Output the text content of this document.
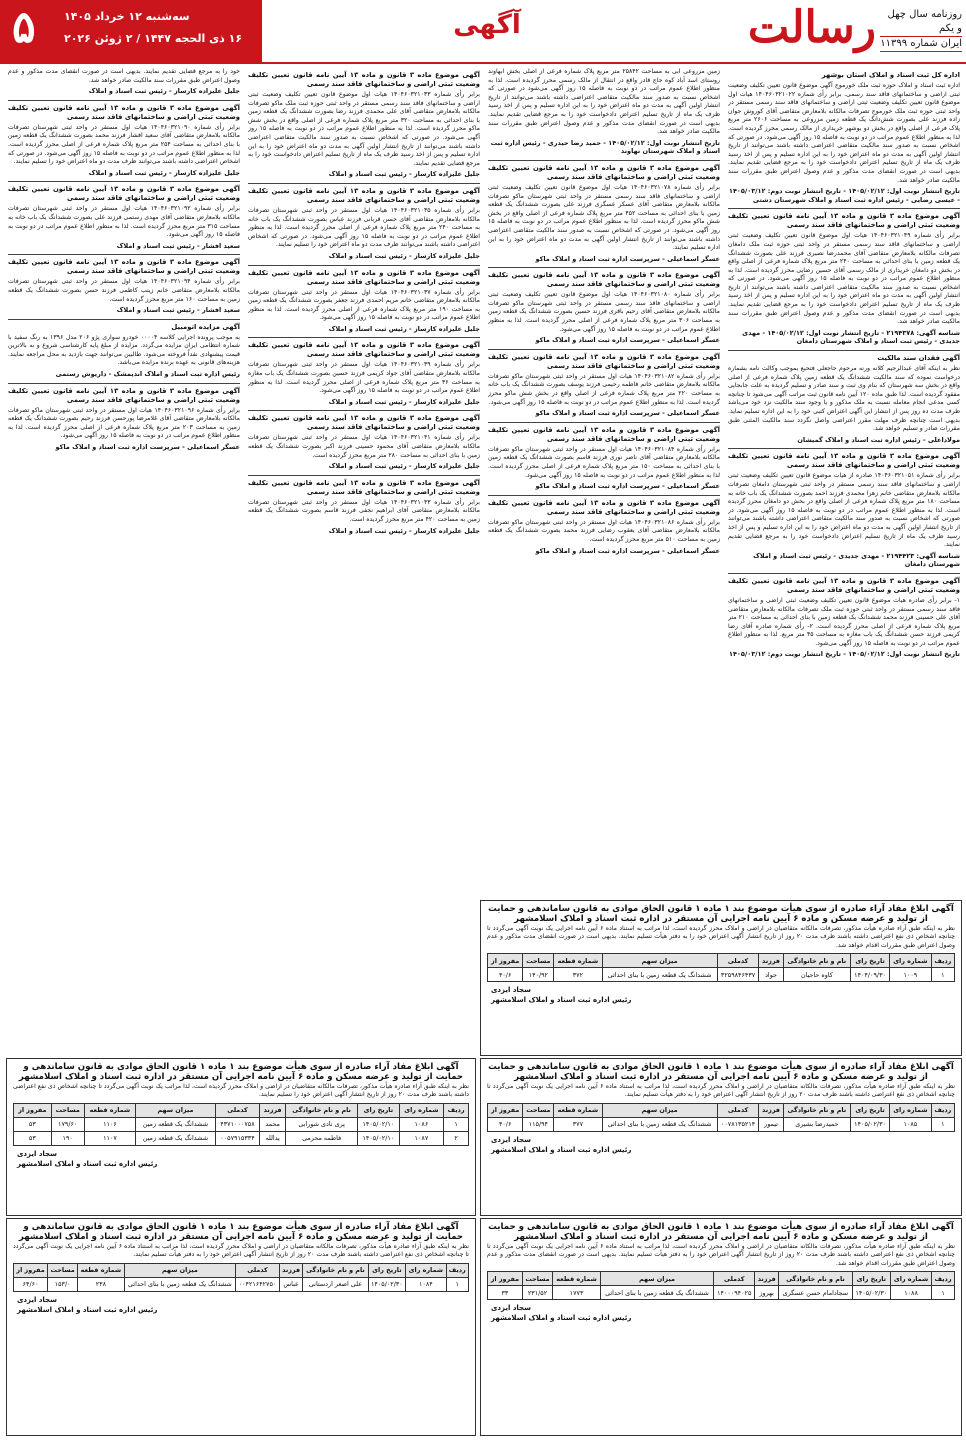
۵	سه‌شنبه ۱۲ خرداد ۱۴۰۵
۱۶ ذی الحجه ۱۴۴۷ / ۲ ژوئن ۲۰۲۶	آگهی	رسالت	روزنامه سال چهل و یکم
ایران شماره ۱۱۳۹۹

اداره کل ثبت اسناد و املاک استان بوشهر

اداره ثبت اسناد و املاک حوزه ثبت ملک خورموج آگهی موضوع قانون تعیین تکلیف وضعیت ثبتی اراضی و ساختمانهای فاقد سند رسمی. برابر رأی شماره ۱۴۰۴۶۰۳۲۱۰۲۲ هیات اول موضوع قانون تعیین تکلیف وضعیت ثبتی اراضی و ساختمانهای فاقد سند رسمی مستقر در واحد ثبتی حوزه ثبت ملک خورموج تصرفات مالکانه بلامعارض متقاضی آقای کوروش جوان زاده فرزند علی بصورت شش‌دانگ یک قطعه زمین مزروعی به مساحت ۲۶۰۶ متر مربع پلاک فرعی از اصلی واقع در بخش دو بوشهر خریداری از مالک رسمی محرز گردیده است. لذا به منظور اطلاع عموم مراتب در دو نوبت به فاصله ۱۵ روز آگهی می‌شود. در صورتی که اشخاص نسبت به صدور سند مالکیت متقاضی اعتراضی داشته باشند می‌توانند از تاریخ انتشار اولین آگهی به مدت دو ماه اعتراض خود را به این اداره تسلیم و پس از اخذ رسید ظرف یک ماه از تاریخ تسلیم اعتراض دادخواست خود را به مرجع قضایی تقدیم نمایند. بدیهی است در صورت انقضای مدت مذکور و عدم وصول اعتراض طبق مقررات سند مالکیت صادر خواهد شد.

تاریخ انتشار نوبت اول: ۱۴۰۵/۰۲/۱۲ - تاریخ انتشار نوبت دوم: ۱۴۰۵/۰۳/۱۲ - عیسی رضایی - رئیس اداره ثبت اسناد و املاک شهرستان دشتی

آگهی موضوع ماده ۳ قانون و ماده ۱۳ آیین نامه قانون تعیین تکلیف وضعیت ثبتی اراضی و ساختمانهای فاقد سند رسمی

برابر رأی شماره ۱۴۰۴۶۰۳۲۱۰۴۹ هیات اول موضوع قانون تعیین تکلیف وضعیت ثبتی اراضی و ساختمانهای فاقد سند رسمی مستقر در واحد ثبتی حوزه ثبت ملک دامغان تصرفات مالکانه بلامعارض متقاضی آقای محمدرضا نصیری فرزند علی بصورت ششدانگ یک قطعه زمین با بنای احداثی به مساحت ۲۴۰ متر مربع پلاک شماره فرعی از اصلی واقع در بخش دو دامغان خریداری از مالک رسمی آقای حسین رضایی محرز گردیده است. لذا به منظور اطلاع عموم مراتب در دو نوبت به فاصله ۱۵ روز آگهی می‌شود. در صورتی که اشخاص نسبت به صدور سند مالکیت متقاضی اعتراضی داشته باشند می‌توانند از تاریخ انتشار اولین آگهی به مدت دو ماه اعتراض خود را به این اداره تسلیم و پس از اخذ رسید ظرف یک ماه از تاریخ تسلیم اعتراض دادخواست خود را به مرجع قضایی تقدیم نمایند. بدیهی است در صورت انقضای مدت مذکور و عدم وصول اعتراض طبق مقررات سند مالکیت صادر خواهد شد.

شناسه آگهی: ۲۱۹۴۳۷۸ - تاریخ انتشار نوبت اول: ۱۴۰۵/۰۲/۱۲ - مهدی جدیدی - رئیس ثبت اسناد و املاک شهرستان دامغان

آگهی فقدان سند مالکیت

نظر به اینکه آقای عبدالرحیم کلانه ورنه مرحوم حاجعلی فتحیع بموجب وکالت نامه بشماره درخواست نموده که سند مالکیت ششدانگ یک قطعه زمین پلاک شماره فرعی از اصلی واقع در بخش سه شهرستان که بنام وی ثبت و سند صادر و تسلیم گردیده به علت جابجایی مفقود گردیده است. لذا طبق ماده ۱۲۰ آیین نامه قانون ثبت مراتب آگهی می‌شود تا چنانچه کسی مدعی انجام معامله نسبت به ملک مذکور و یا وجود سند مالکیت نزد خود می‌باشد ظرف مدت ده روز پس از انتشار این آگهی اعتراض کتبی خود را به این اداره تسلیم نماید. بدیهی است چنانچه ظرف مهلت مقرر اعتراضی واصل نگردد سند مالکیت المثنی طبق مقررات صادر و تسلیم خواهد شد.

مولاداعلی - رئیس اداره ثبت اسناد و املاک گمیشان

آگهی موضوع ماده ۳ قانون و ماده ۱۳ آیین نامه قانون تعیین تکلیف وضعیت ثبتی اراضی و ساختمانهای فاقد سند رسمی

برابر رأی شماره ۱۴۰۴۶۰۳۲۱۰۵۱ صادره از هیات موضوع قانون تعیین تکلیف وضعیت ثبتی اراضی و ساختمانهای فاقد سند رسمی مستقر در واحد ثبتی شهرستان دامغان تصرفات مالکانه بلامعارض متقاضی خانم زهرا محمدی فرزند احمد بصورت ششدانگ یک باب خانه به مساحت ۱۸۰ متر مربع پلاک شماره فرعی از اصلی واقع در بخش دو دامغان محرز گردیده است. لذا به منظور اطلاع عموم مراتب در دو نوبت به فاصله ۱۵ روز آگهی می‌شود. در صورتی که اشخاص نسبت به صدور سند مالکیت متقاضی اعتراضی داشته باشند می‌توانند از تاریخ انتشار اولین آگهی به مدت دو ماه اعتراض خود را به این اداره تسلیم و پس از اخذ رسید ظرف یک ماه از تاریخ تسلیم اعتراض دادخواست خود را به مرجع قضایی تقدیم نمایند.

شناسه آگهی: ۲۱۹۴۴۲۳ - مهدی جدیدی - رئیس ثبت اسناد و املاک شهرستان دامغان

آگهی موضوع ماده ۳ قانون و ماده ۱۳ آیین نامه قانون تعیین تکلیف وضعیت ثبتی اراضی و ساختمانهای فاقد سند رسمی

۱- برابر رأی صادره هیات موضوع قانون تعیین تکلیف وضعیت ثبتی اراضی و ساختمانهای فاقد سند رسمی مستقر در واحد ثبتی حوزه ثبت ملک تصرفات مالکانه بلامعارض متقاضی آقای علی حسینی فرزند محمد ششدانگ یک قطعه زمین با بنای احداثی به مساحت ۲۱۰ متر مربع پلاک شماره فرعی از اصلی محرز گردیده است. ۲- رأی شماره صادره آقای رضا کریمی فرزند حسن ششدانگ یک باب مغازه به مساحت ۴۵ متر مربع. لذا به منظور اطلاع عموم مراتب در دو نوبت به فاصله ۱۵ روز آگهی می‌شود.

تاریخ انتشار نوبت اول: ۱۴۰۵/۰۲/۱۲ - تاریخ انتشار نوبت دوم: ۱۴۰۵/۰۳/۱۲

زمین مزروعی آبی به مساحت ۲۵۸۴۲ متر مربع پلاک شماره فرعی از اصلی بخش آبهاوند روستای اسد آباد کوه حاج قادر واقع در انتقال از مالک رسمی محرز گردیده است. لذا به منظور اطلاع عموم مراتب در دو نوبت به فاصله ۱۵ روز آگهی می‌شود در صورتی که اشخاص نسبت به صدور سند مالکیت متقاضی اعتراضی داشته باشند می‌توانند از تاریخ انتشار اولین آگهی به مدت دو ماه اعتراض خود را به این اداره تسلیم و پس از اخذ رسید ظرف یک ماه از تاریخ تسلیم اعتراض دادخواست خود را به مرجع قضایی تقدیم نمایند. بدیهی است در صورت انقضای مدت مذکور و عدم وصول اعتراض طبق مقررات سند مالکیت صادر خواهد شد.

تاریخ انتشار نوبت اول: ۱۴۰۵/۰۲/۱۲ - حمید رضا حیدری - رئیس اداره ثبت اسناد و املاک شهرستان نهاوند

آگهی موضوع ماده ۳ قانون و ماده ۱۳ آیین نامه قانون تعیین تکلیف وضعیت ثبتی اراضی و ساختمانهای فاقد سند رسمی

برابر رأی شماره ۱۴۰۴۶۰۳۲۱۰۷۸ هیات اول موضوع قانون تعیین تکلیف وضعیت ثبتی اراضی و ساختمانهای فاقد سند رسمی مستقر در واحد ثبتی شهرستان ماکو تصرفات مالکانه بلامعارض متقاضی آقای عسکر عسگری فرزند علی بصورت ششدانگ یک قطعه زمین با بنای احداثی به مساحت ۴۵۲ متر مربع پلاک شماره فرعی از اصلی واقع در بخش شش ماکو محرز گردیده است. لذا به منظور اطلاع عموم مراتب در دو نوبت به فاصله ۱۵ روز آگهی می‌شود. در صورتی که اشخاص نسبت به صدور سند مالکیت متقاضی اعتراضی داشته باشند می‌توانند از تاریخ انتشار اولین آگهی به مدت دو ماه اعتراض خود را به این اداره تسلیم نمایند.

عسگر اسماعیلی - سرپرست اداره ثبت اسناد و املاک ماکو

آگهی موضوع ماده ۳ قانون و ماده ۱۳ آیین نامه قانون تعیین تکلیف وضعیت ثبتی اراضی و ساختمانهای فاقد سند رسمی

برابر رأی شماره ۱۴۰۴۶۰۳۲۱۰۸۰ هیات اول موضوع قانون تعیین تکلیف وضعیت ثبتی اراضی و ساختمانهای فاقد سند رسمی مستقر در واحد ثبتی شهرستان ماکو تصرفات مالکانه بلامعارض متقاضی آقای رحیم باقری فرزند حسین بصورت ششدانگ یک قطعه زمین به مساحت ۳۰۶ متر مربع پلاک شماره فرعی از اصلی محرز گردیده است. لذا به منظور اطلاع عموم مراتب در دو نوبت به فاصله ۱۵ روز آگهی می‌شود.

عسگر اسماعیلی - سرپرست اداره ثبت اسناد و املاک ماکو

آگهی موضوع ماده ۳ قانون و ماده ۱۳ آیین نامه قانون تعیین تکلیف وضعیت ثبتی اراضی و ساختمانهای فاقد سند رسمی

برابر رأی شماره ۱۴۰۴۶۰۳۲۱۰۸۲ هیات اول مستقر در واحد ثبتی شهرستان ماکو تصرفات مالکانه بلامعارض متقاضی خانم فاطمه رحیمی فرزند یوسف بصورت ششدانگ یک باب خانه به مساحت ۲۲۰ متر مربع پلاک شماره فرعی از اصلی واقع در بخش شش ماکو محرز گردیده است. لذا به منظور اطلاع عموم مراتب در دو نوبت به فاصله ۱۵ روز آگهی می‌شود.

عسگر اسماعیلی - سرپرست اداره ثبت اسناد و املاک ماکو

آگهی موضوع ماده ۳ قانون و ماده ۱۳ آیین نامه قانون تعیین تکلیف وضعیت ثبتی اراضی و ساختمانهای فاقد سند رسمی

برابر رأی شماره ۱۴۰۴۶۰۳۲۱۰۸۴ هیات اول مستقر در واحد ثبتی شهرستان ماکو تصرفات مالکانه بلامعارض متقاضی آقای ناصر نوری فرزند قاسم بصورت ششدانگ یک قطعه زمین با بنای احداثی به مساحت ۱۵۰ متر مربع پلاک شماره فرعی از اصلی محرز گردیده است. لذا به منظور اطلاع عموم مراتب در دو نوبت به فاصله ۱۵ روز آگهی می‌شود.

عسگر اسماعیلی - سرپرست اداره ثبت اسناد و املاک ماکو

آگهی موضوع ماده ۳ قانون و ماده ۱۳ آیین نامه قانون تعیین تکلیف وضعیت ثبتی اراضی و ساختمانهای فاقد سند رسمی

برابر رأی شماره ۱۴۰۴۶۰۳۲۱۰۸۶ هیات اول مستقر در واحد ثبتی شهرستان ماکو تصرفات مالکانه بلامعارض متقاضی آقای یعقوب رضایی فرزند محمد بصورت ششدانگ یک قطعه زمین به مساحت ۵۱۰ متر مربع محرز گردیده است.

عسگر اسماعیلی - سرپرست اداره ثبت اسناد و املاک ماکو

آگهی موضوع ماده ۳ قانون و ماده ۱۳ آیین نامه قانون تعیین تکلیف وضعیت ثبتی اراضی و ساختمانهای فاقد سند رسمی

برابر رأی شماره ۱۴۰۴۶۰۳۲۱۰۳۳ هیات اول موضوع قانون تعیین تکلیف وضعیت ثبتی اراضی و ساختمانهای فاقد سند رسمی مستقر در واحد ثبتی حوزه ثبت ملک ماکو تصرفات مالکانه بلامعارض متقاضی آقای علی محمدی فرزند رضا بصورت ششدانگ یک قطعه زمین با بنای احداثی به مساحت ۳۲۰ متر مربع پلاک شماره فرعی از اصلی واقع در بخش شش ماکو محرز گردیده است. لذا به منظور اطلاع عموم مراتب در دو نوبت به فاصله ۱۵ روز آگهی می‌شود. در صورتی که اشخاص نسبت به صدور سند مالکیت متقاضی اعتراضی داشته باشند می‌توانند از تاریخ انتشار اولین آگهی به مدت دو ماه اعتراض خود را به این اداره تسلیم و پس از اخذ رسید ظرف یک ماه از تاریخ تسلیم اعتراض دادخواست خود را به مرجع قضایی تقدیم نمایند.

جلیل علیزاده کارساز - رئیس ثبت اسناد و املاک

آگهی موضوع ماده ۳ قانون و ماده ۱۳ آیین نامه قانون تعیین تکلیف وضعیت ثبتی اراضی و ساختمانهای فاقد سند رسمی

برابر رأی شماره ۱۴۰۴۶۰۳۲۱۰۳۵ هیات اول مستقر در واحد ثبتی شهرستان تصرفات مالکانه بلامعارض متقاضی آقای حسن قربانی فرزند عباس بصورت ششدانگ یک باب خانه به مساحت ۲۴۰ متر مربع پلاک شماره فرعی از اصلی محرز گردیده است. لذا به منظور اطلاع عموم مراتب در دو نوبت به فاصله ۱۵ روز آگهی می‌شود. در صورتی که اشخاص اعتراضی داشته باشند می‌توانند ظرف مدت دو ماه اعتراض خود را تسلیم نمایند.

جلیل علیزاده کارساز - رئیس ثبت اسناد و املاک

آگهی موضوع ماده ۳ قانون و ماده ۱۳ آیین نامه قانون تعیین تکلیف وضعیت ثبتی اراضی و ساختمانهای فاقد سند رسمی

برابر رأی شماره ۱۴۰۴۶۰۳۲۱۰۳۷ هیات اول مستقر در واحد ثبتی شهرستان تصرفات مالکانه بلامعارض متقاضی خانم مریم احمدی فرزند جعفر بصورت ششدانگ یک قطعه زمین به مساحت ۱۹۰ متر مربع پلاک شماره فرعی از اصلی محرز گردیده است. لذا به منظور اطلاع عموم مراتب در دو نوبت به فاصله ۱۵ روز آگهی می‌شود.

جلیل علیزاده کارساز - رئیس ثبت اسناد و املاک

آگهی موضوع ماده ۳ قانون و ماده ۱۳ آیین نامه قانون تعیین تکلیف وضعیت ثبتی اراضی و ساختمانهای فاقد سند رسمی

برابر رأی شماره ۱۴۰۴۶۰۳۲۱۰۳۹ هیات اول مستقر در واحد ثبتی شهرستان تصرفات مالکانه بلامعارض متقاضی آقای جواد کریمی فرزند حسین بصورت ششدانگ یک باب مغازه به مساحت ۳۶ متر مربع پلاک شماره فرعی از اصلی محرز گردیده است. لذا به منظور اطلاع عموم مراتب در دو نوبت به فاصله ۱۵ روز آگهی می‌شود.

جلیل علیزاده کارساز - رئیس ثبت اسناد و املاک

آگهی موضوع ماده ۳ قانون و ماده ۱۳ آیین نامه قانون تعیین تکلیف وضعیت ثبتی اراضی و ساختمانهای فاقد سند رسمی

برابر رأی شماره ۱۴۰۴۶۰۳۲۱۰۴۱ هیات اول مستقر در واحد ثبتی شهرستان تصرفات مالکانه بلامعارض متقاضی آقای محمود حسینی فرزند اکبر بصورت ششدانگ یک قطعه زمین با بنای احداثی به مساحت ۲۸۰ متر مربع محرز گردیده است.

جلیل علیزاده کارساز - رئیس ثبت اسناد و املاک

آگهی موضوع ماده ۳ قانون و ماده ۱۳ آیین نامه قانون تعیین تکلیف وضعیت ثبتی اراضی و ساختمانهای فاقد سند رسمی

برابر رأی شماره ۱۴۰۴۶۰۳۲۱۰۴۳ هیات اول مستقر در واحد ثبتی شهرستان تصرفات مالکانه بلامعارض متقاضی آقای ابراهیم نجفی فرزند قاسم بصورت ششدانگ یک قطعه زمین به مساحت ۴۲۰ متر مربع محرز گردیده است.

جلیل علیزاده کارساز - رئیس ثبت اسناد و املاک

خود را به مرجع قضایی تقدیم نمایند. بدیهی است در صورت انقضای مدت مذکور و عدم وصول اعتراض طبق مقررات سند مالکیت صادر خواهد شد.

جلیل علیزاده کارساز - رئیس ثبت اسناد و املاک

آگهی موضوع ماده ۳ قانون و ماده ۱۳ آیین نامه قانون تعیین تکلیف وضعیت ثبتی اراضی و ساختمانهای فاقد سند رسمی

برابر رأی شماره ۱۴۰۴۶۰۳۲۱۰۹۰ هیات اول مستقر در واحد ثبتی شهرستان تصرفات مالکانه بلامعارض متقاضی آقای سعید افشار فرزند محمد بصورت ششدانگ یک قطعه زمین با بنای احداثی به مساحت ۲۵۴ متر مربع پلاک شماره فرعی از اصلی محرز گردیده است. لذا به منظور اطلاع عموم مراتب در دو نوبت به فاصله ۱۵ روز آگهی می‌شود. در صورتی که اشخاص اعتراضی داشته باشند می‌توانند ظرف مدت دو ماه اعتراض خود را تسلیم نمایند.

جلیل علیزاده کارساز - رئیس ثبت اسناد و املاک

آگهی موضوع ماده ۳ قانون و ماده ۱۳ آیین نامه قانون تعیین تکلیف وضعیت ثبتی اراضی و ساختمانهای فاقد سند رسمی

برابر رأی شماره ۱۴۰۴۶۰۳۲۱۰۹۲ هیات اول مستقر در واحد ثبتی شهرستان تصرفات مالکانه بلامعارض متقاضی آقای مهدی رستمی فرزند علی بصورت ششدانگ یک باب خانه به مساحت ۳۱۵ متر مربع محرز گردیده است. لذا به منظور اطلاع عموم مراتب در دو نوبت به فاصله ۱۵ روز آگهی می‌شود.

سعید افشار - رئیس ثبت اسناد و املاک

آگهی موضوع ماده ۳ قانون و ماده ۱۳ آیین نامه قانون تعیین تکلیف وضعیت ثبتی اراضی و ساختمانهای فاقد سند رسمی

برابر رأی شماره ۱۴۰۴۶۰۳۲۱۰۹۴ هیات اول مستقر در واحد ثبتی شهرستان تصرفات مالکانه بلامعارض متقاضی خانم زینب کاظمی فرزند حسن بصورت ششدانگ یک قطعه زمین به مساحت ۱۶۰ متر مربع محرز گردیده است.

سعید افشار - رئیس ثبت اسناد و املاک

آگهی مزایده اتومبیل

به موجب پرونده اجرایی کلاسه ۰۰۰۰۴ خودرو سواری پژو ۲۰۶ مدل ۱۳۹۶ به رنگ سفید با شماره انتظامی ایران مزایده می‌گردد. مزایده از مبلغ پایه کارشناسی شروع و به بالاترین قیمت پیشنهادی نقداً فروخته می‌شود. طالبین می‌توانند جهت بازدید به محل مراجعه نمایند. هزینه‌های قانونی به عهده برنده مزایده می‌باشد.

رئیس اداره ثبت اسناد و املاک اندیمشک - داریوش رستمی

آگهی موضوع ماده ۳ قانون و ماده ۱۳ آیین نامه قانون تعیین تکلیف وضعیت ثبتی اراضی و ساختمانهای فاقد سند رسمی

برابر رأی شماره ۱۴۰۴۶۰۳۲۱۰۹۶ هیات اول مستقر در واحد ثبتی شهرستان ماکو تصرفات مالکانه بلامعارض متقاضی آقای غلامرضا پورحسن فرزند رحیم بصورت ششدانگ یک قطعه زمین به مساحت ۲۰۳ متر مربع پلاک شماره فرعی از اصلی محرز گردیده است. لذا به منظور اطلاع عموم مراتب در دو نوبت به فاصله ۱۵ روز آگهی می‌شود.

عسگر اسماعیلی - سرپرست اداره ثبت اسناد و املاک ماکو

آگهی ابلاغ مفاد آراء صادره از سوی هیأت موضوع بند ۱ ماده ۱ قانون الحاق موادی به قانون ساماندهی و حمایت از تولید و عرضه مسکن و ماده ۶ آیین نامه اجرایی آن مستقر در اداره ثبت اسناد و املاک اسلامشهر
نظر به اینکه طبق آراء صادره هیأت مذکور، تصرفات مالکانه متقاضیان در اراضی و املاک محرز گردیده است، لذا مراتب به استناد ماده ۶ آیین نامه اجرایی یک نوبت آگهی می‌گردد تا چنانچه اشخاص ذی نفع اعتراضی داشته باشند ظرف مدت ۲۰ روز از تاریخ انتشار آگهی اعتراض خود را به دفتر هیأت تسلیم نمایند. بدیهی است در صورت انقضای مدت مذکور و عدم وصول اعتراض طبق مقررات اقدام خواهد شد.
ردیف	شماره رای	تاریخ رای	نام و نام خانوادگی	فرزند	کدملی	میزان سهم	شماره قطعه	مساحت	مفروز از
۱	۱۰۰۹	۱۴۰۴/۰۹/۳۰	کاوه حاجیان	جواد	۳۲۵۹۸۴۶۴۳۷	ششدانگ یک قطعه زمین با بنای احداثی	۳۷۲	۱۴۰/۹۲	۴۰/۶
سجاد ایزدی
رئیس اداره ثبت اسناد و املاک اسلامشهر
آگهی ابلاغ مفاد آراء صادره از سوی هیأت موضوع بند ۱ ماده ۱ قانون الحاق موادی به قانون ساماندهی و حمایت از تولید و عرضه مسکن و ماده ۶ آیین نامه اجرایی آن مستقر در اداره ثبت اسناد و املاک اسلامشهر
نظر به اینکه طبق آراء صادره هیأت مذکور، تصرفات مالکانه متقاضیان در اراضی و املاک محرز گردیده است، لذا مراتب به استناد ماده ۶ آیین نامه اجرایی یک نوبت آگهی می‌گردد تا چنانچه اشخاص ذی نفع اعتراضی داشته باشند ظرف مدت ۲۰ روز از تاریخ انتشار آگهی اعتراض خود را به دفتر هیأت تسلیم نمایند.
ردیف	شماره رای	تاریخ رای	نام و نام خانوادگی	فرزند	کدملی	میزان سهم	شماره قطعه	مساحت	مفروز از
۱	۱۰۸۵	۱۴۰۵/۰۲/۳۰	حمیدرضا بشیری	تیمور	۰۰۷۸۱۳۵۲۱۴	ششدانگ یک قطعه زمین با بنای احداثی	۳۷۷	۱۱۵/۹۴	۴۰/۶
سجاد ایزدی
رئیس اداره ثبت اسناد و املاک اسلامشهر
آگهی ابلاغ مفاد آراء صادره از سوی هیأت موضوع بند ۱ ماده ۱ قانون الحاق موادی به قانون ساماندهی و حمایت از تولید و عرضه مسکن و ماده ۶ آیین نامه اجرایی آن مستقر در اداره ثبت اسناد و املاک اسلامشهر
نظر به اینکه طبق آراء صادره هیأت مذکور، تصرفات مالکانه متقاضیان در اراضی و املاک محرز گردیده است، لذا مراتب یک نوبت آگهی می‌گردد تا چنانچه اشخاص ذی نفع اعتراضی داشته باشند ظرف مدت ۲۰ روز از تاریخ انتشار آگهی اعتراض خود را تسلیم نمایند.
ردیف	شماره رای	تاریخ رای	نام و نام خانوادگی	فرزند	کدملی	میزان سهم	شماره قطعه	مساحت	مفروز از
۱	۱۰۸۶	۱۴۰۵/۰۲/۱۰	پری نادی شورابی	محمد	۴۳۷۱۰۰۰۷۵۸	ششدانگ یک قطعه زمین	۱۱۰۶	۱۷۹/۶۰	۵۳
۲	۱۰۸۷	۱۴۰۵/۰۲/۱۰	فاطمه محرمی	یدالله	۰۰۵۷۹۱۵۳۳۴	ششدانگ یک قطعه زمین	۱۱۰۷	۱۹۰	۵۳
سجاد ایزدی
رئیس اداره ثبت اسناد و املاک اسلامشهر
آگهی ابلاغ مفاد آراء صادره از سوی هیأت موضوع بند ۱ ماده ۱ قانون الحاق موادی به قانون ساماندهی و حمایت از تولید و عرضه مسکن و ماده ۶ آیین نامه اجرایی آن مستقر در اداره ثبت اسناد و املاک اسلامشهر
نظر به اینکه طبق آراء صادره هیأت مذکور، تصرفات مالکانه متقاضیان در اراضی و املاک محرز گردیده است، لذا مراتب به استناد ماده ۶ آیین نامه اجرایی یک نوبت آگهی می‌گردد تا چنانچه اشخاص ذی نفع اعتراضی داشته باشند ظرف مدت ۲۰ روز از تاریخ انتشار آگهی اعتراض خود را به دفتر هیأت تسلیم نمایند. بدیهی است در صورت انقضای مدت مذکور و عدم وصول اعتراض طبق مقررات اقدام خواهد شد.
ردیف	شماره رای	تاریخ رای	نام و نام خانوادگی	فرزند	کدملی	میزان سهم	شماره قطعه	مساحت	مفروز از
۱	۱۰۸۸	۱۴۰۵/۰۲/۳۰	سجادامام حسن عسگری	بهروز	۱۴۰۰۰۹۴۰۲۵	ششدانگ یک قطعه زمین با بنای احداثی	۱۷۷۳	۲۳۱/۵۲	۳۳
سجاد ایزدی
رئیس اداره ثبت اسناد و املاک اسلامشهر
آگهی ابلاغ مفاد آراء صادره از سوی هیأت موضوع بند ۱ ماده ۱ قانون الحاق موادی به قانون ساماندهی و حمایت از تولید و عرضه مسکن و ماده ۶ آیین نامه اجرایی آن مستقر در اداره ثبت اسناد و املاک اسلامشهر
نظر به اینکه طبق آراء صادره هیأت مذکور، تصرفات مالکانه متقاضیان در اراضی و املاک محرز گردیده است، لذا مراتب به استناد ماده ۶ آیین نامه اجرایی یک نوبت آگهی می‌گردد تا چنانچه اشخاص ذی نفع اعتراضی داشته باشند ظرف مدت ۲۰ روز از تاریخ انتشار آگهی اعتراض خود را به دفتر هیأت تسلیم نمایند.
ردیف	شماره رای	تاریخ رای	نام و نام خانوادگی	فرزند	کدملی	میزان سهم	شماره قطعه	مساحت	مفروز از
۱	۱۰۸۴	۱۴۰۵/۰۲/۳۰	علی اصغر اردستانی	عباس	۰۰۴۲۱۶۴۲۷۵۰	ششدانگ یک قطعه زمین با بنای احداثی	۲۳۸	۱۵۳/۰	۶۴/۶۰
سجاد ایزدی
رئیس اداره ثبت اسناد و املاک اسلامشهر
